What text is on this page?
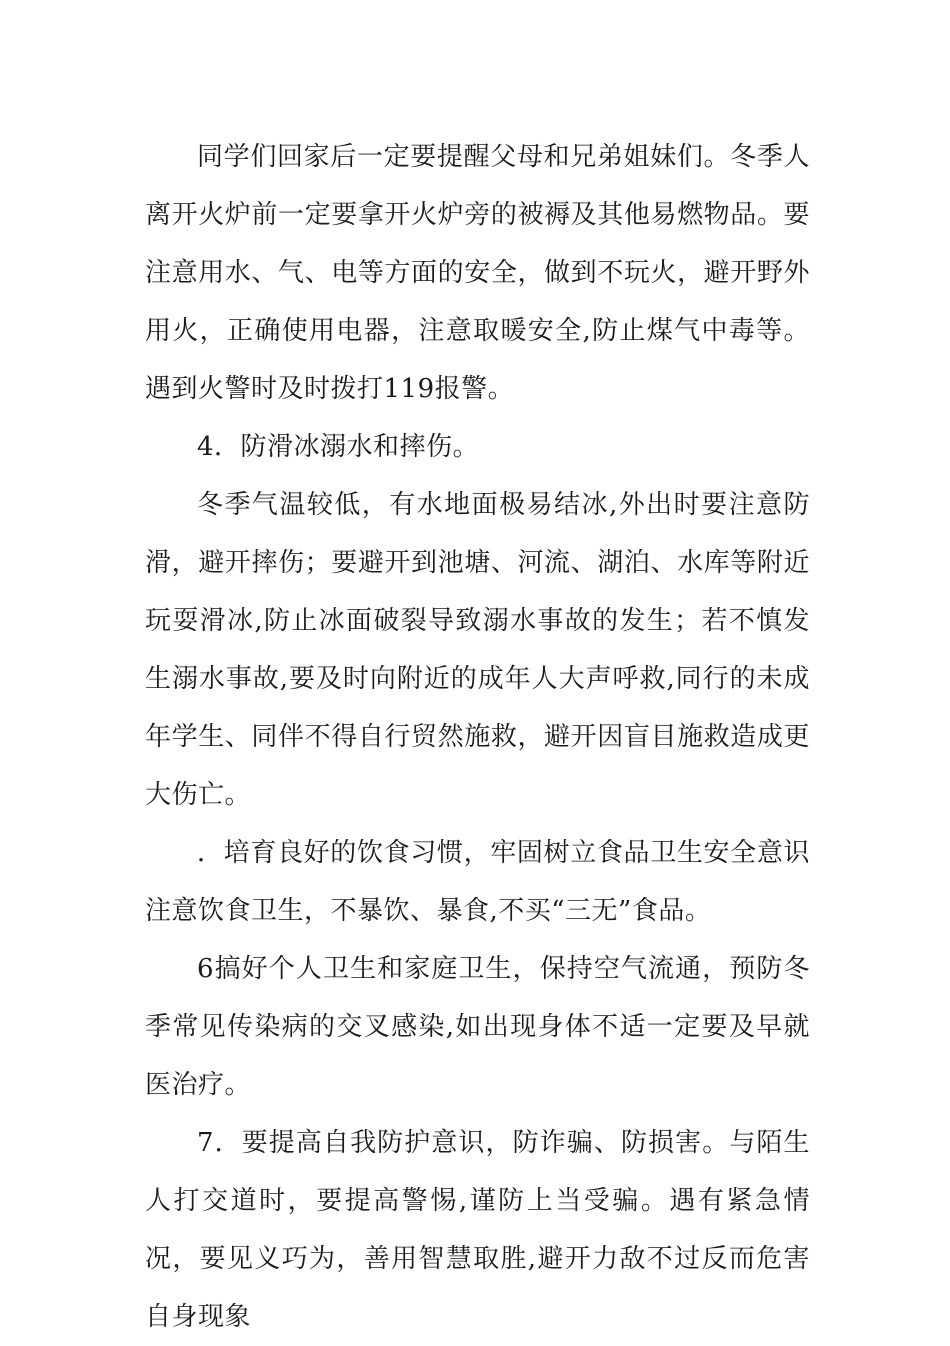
同学们回家后一定要提醒父母和兄弟姐妹们。冬季人离开火炉前一定要拿开火炉旁的被褥及其他易燃物品。要注意用水、气、电等方面的安全，做到不玩火，避开野外用火，正确使用电器，注意取暖安全,防止煤气中毒等。遇到火警时及时拨打119报警。

4．防滑冰溺水和摔伤。

冬季气温较低，有水地面极易结冰,外出时要注意防滑，避开摔伤；要避开到池塘、河流、湖泊、水库等附近玩耍滑冰,防止冰面破裂导致溺水事故的发生；若不慎发生溺水事故,要及时向附近的成年人大声呼救,同行的未成年学生、同伴不得自行贸然施救，避开因盲目施救造成更大伤亡。

．培育良好的饮食习惯，牢固树立食品卫生安全意识注意饮食卫生，不暴饮、暴食,不买“三无”食品。

6搞好个人卫生和家庭卫生，保持空气流通，预防冬季常见传染病的交叉感染,如出现身体不适一定要及早就医治疗。

7．要提高自我防护意识，防诈骗、防损害。与陌生人打交道时，要提高警惕,谨防上当受骗。遇有紧急情况，要见义巧为，善用智慧取胜,避开力敌不过反而危害自身现象
